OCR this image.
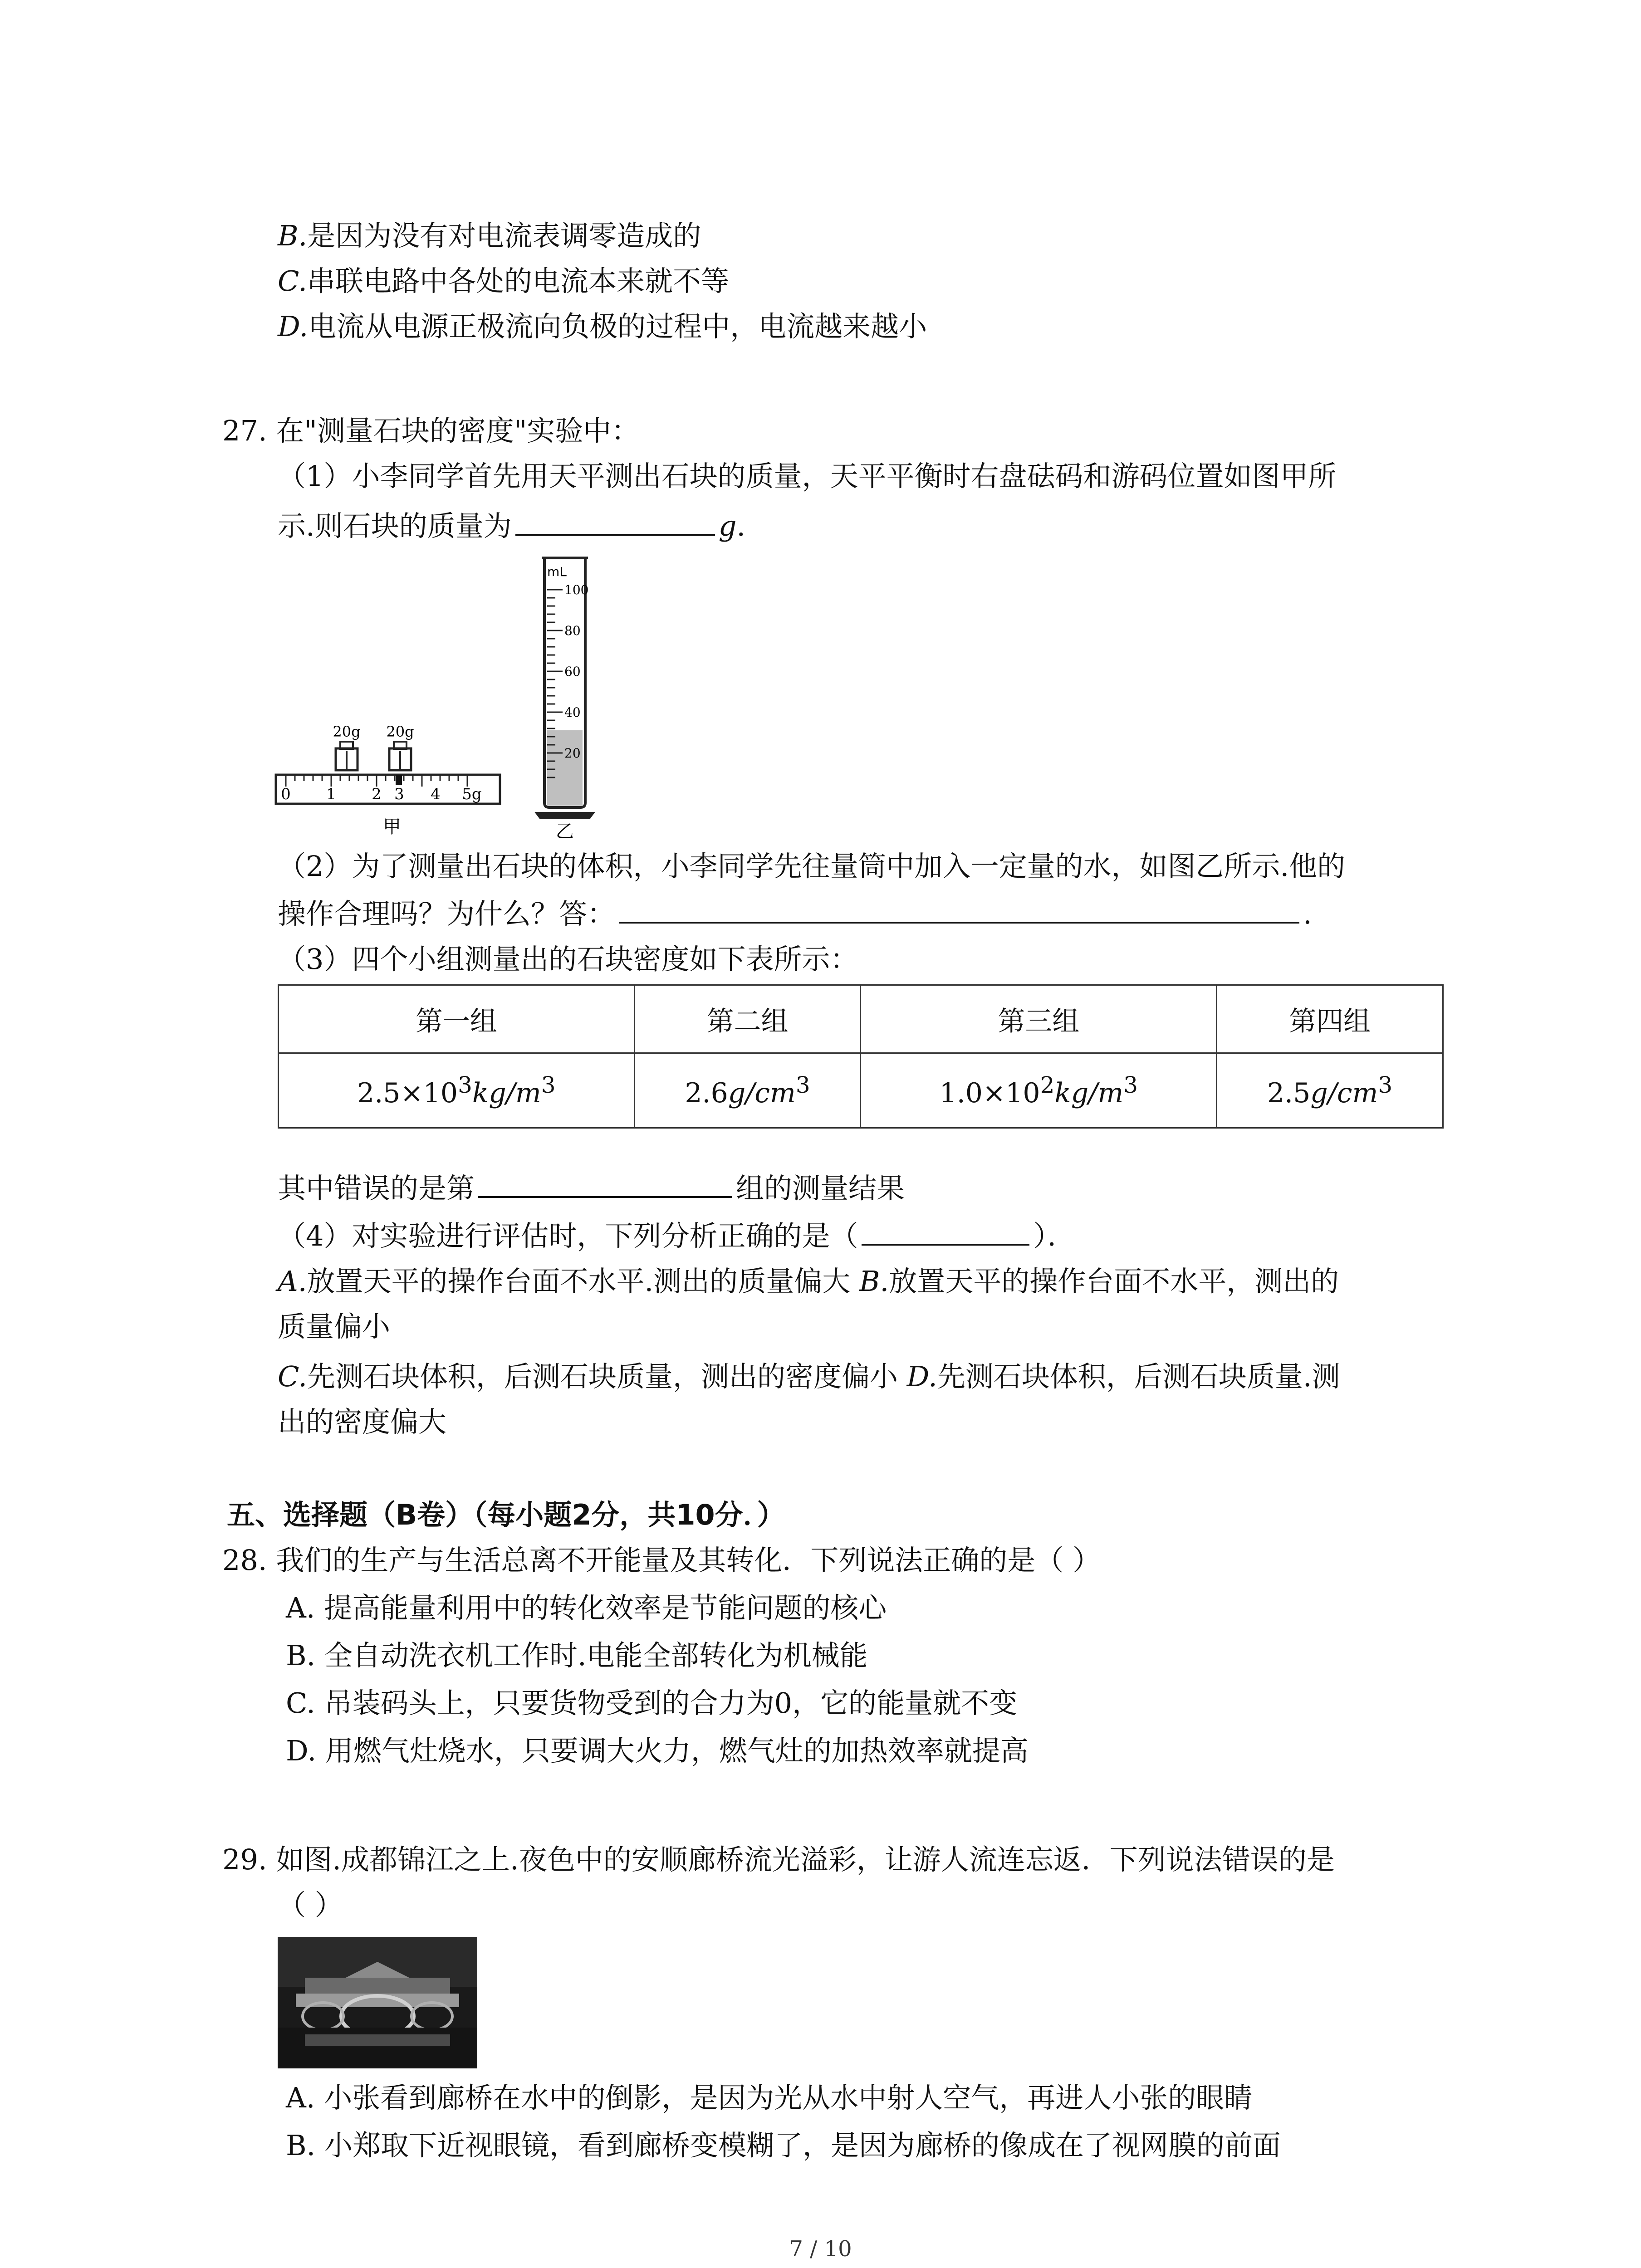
B.是因为没有对电流表调零造成的
C.串联电路中各处的电流本来就不等
D.电流从电源正极流向负极的过程中，电流越来越小
27. 在"测量石块的密度"实验中：
（1）小李同学首先用天平测出石块的质量，天平平衡时右盘砝码和游码位置如图甲所
示.则石块的质量为	g.
20g 20g
0 1 2 3 4 5g
甲
mL
100
80
60
40
20
乙
（2）为了测量出石块的体积，小李同学先往量筒中加入一定量的水，如图乙所示.他的
操作合理吗？为什么？答：	.
（3）四个小组测量出的石块密度如下表所示：
第一组	第二组	第三组	第四组
$2.5\times 10^3kg/m^3$	$2.6g/cm^3$	$1.0\times 10^2kg/m^3$	$2.5g/cm^3$
其中错误的是第	组的测量结果
（4）对实验进行评估时，下列分析正确的是（	）．
A.放置天平的操作台面不水平.测出的质量偏大 B.放置天平的操作台面不水平，测出的
质量偏小
C.先测石块体积，后测石块质量，测出的密度偏小 D.先测石块体积，后测石块质量.测
出的密度偏大
五、选择题（B卷）（每小题2分，共10分．）
28. 我们的生产与生活总离不开能量及其转化．下列说法正确的是（ ）
A. 提高能量利用中的转化效率是节能问题的核心
B. 全自动洗衣机工作时.电能全部转化为机械能
C. 吊装码头上，只要货物受到的合力为0，它的能量就不变
D. 用燃气灶烧水，只要调大火力，燃气灶的加热效率就提高
29. 如图.成都锦江之上.夜色中的安顺廊桥流光溢彩，让游人流连忘返．下列说法错误的是
（ ）
A. 小张看到廊桥在水中的倒影，是因为光从水中射人空气，再进人小张的眼睛
B. 小郑取下近视眼镜，看到廊桥变模糊了，是因为廊桥的像成在了视网膜的前面
7 / 10
